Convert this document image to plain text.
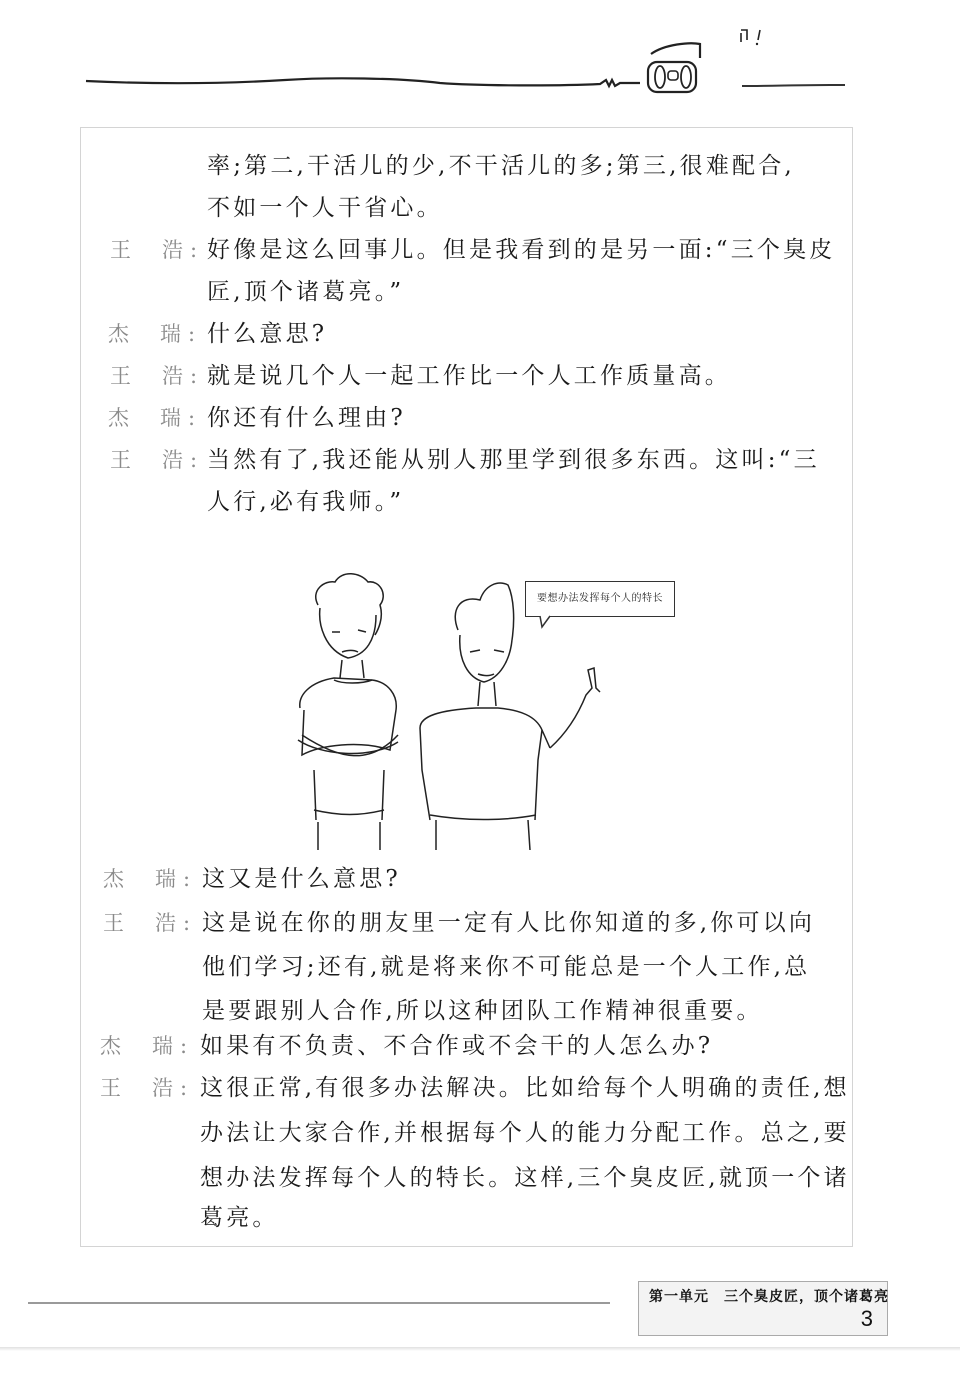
率;第二,干活儿的少,不干活儿的多;第三,很难配合,
不如一个人干省心。
王 浩 : 好像是这么回事儿。但是我看到的是另一面:“三个臭皮
匠,顶个诸葛亮。”
杰 瑞 : 什么意思?
王 浩 : 就是说几个人一起工作比一个人工作质量高。
杰 瑞 : 你还有什么理由?
王 浩 : 当然有了,我还能从别人那里学到很多东西。这叫:“三
人行,必有我师。”
要想办法发挥每个人的特长
杰 瑞 : 这又是什么意思?
王 浩 : 这是说在你的朋友里一定有人比你知道的多,你可以向
他们学习;还有,就是将来你不可能总是一个人工作,总
是要跟别人合作,所以这种团队工作精神很重要。
杰 瑞 : 如果有不负责、不合作或不会干的人怎么办?
王 浩 : 这很正常,有很多办法解决。比如给每个人明确的责任,想
办法让大家合作,并根据每个人的能力分配工作。总之,要
想办法发挥每个人的特长。这样,三个臭皮匠,就顶一个诸
葛亮。
第一单元　三个臭皮匠，顶个诸葛亮
3
